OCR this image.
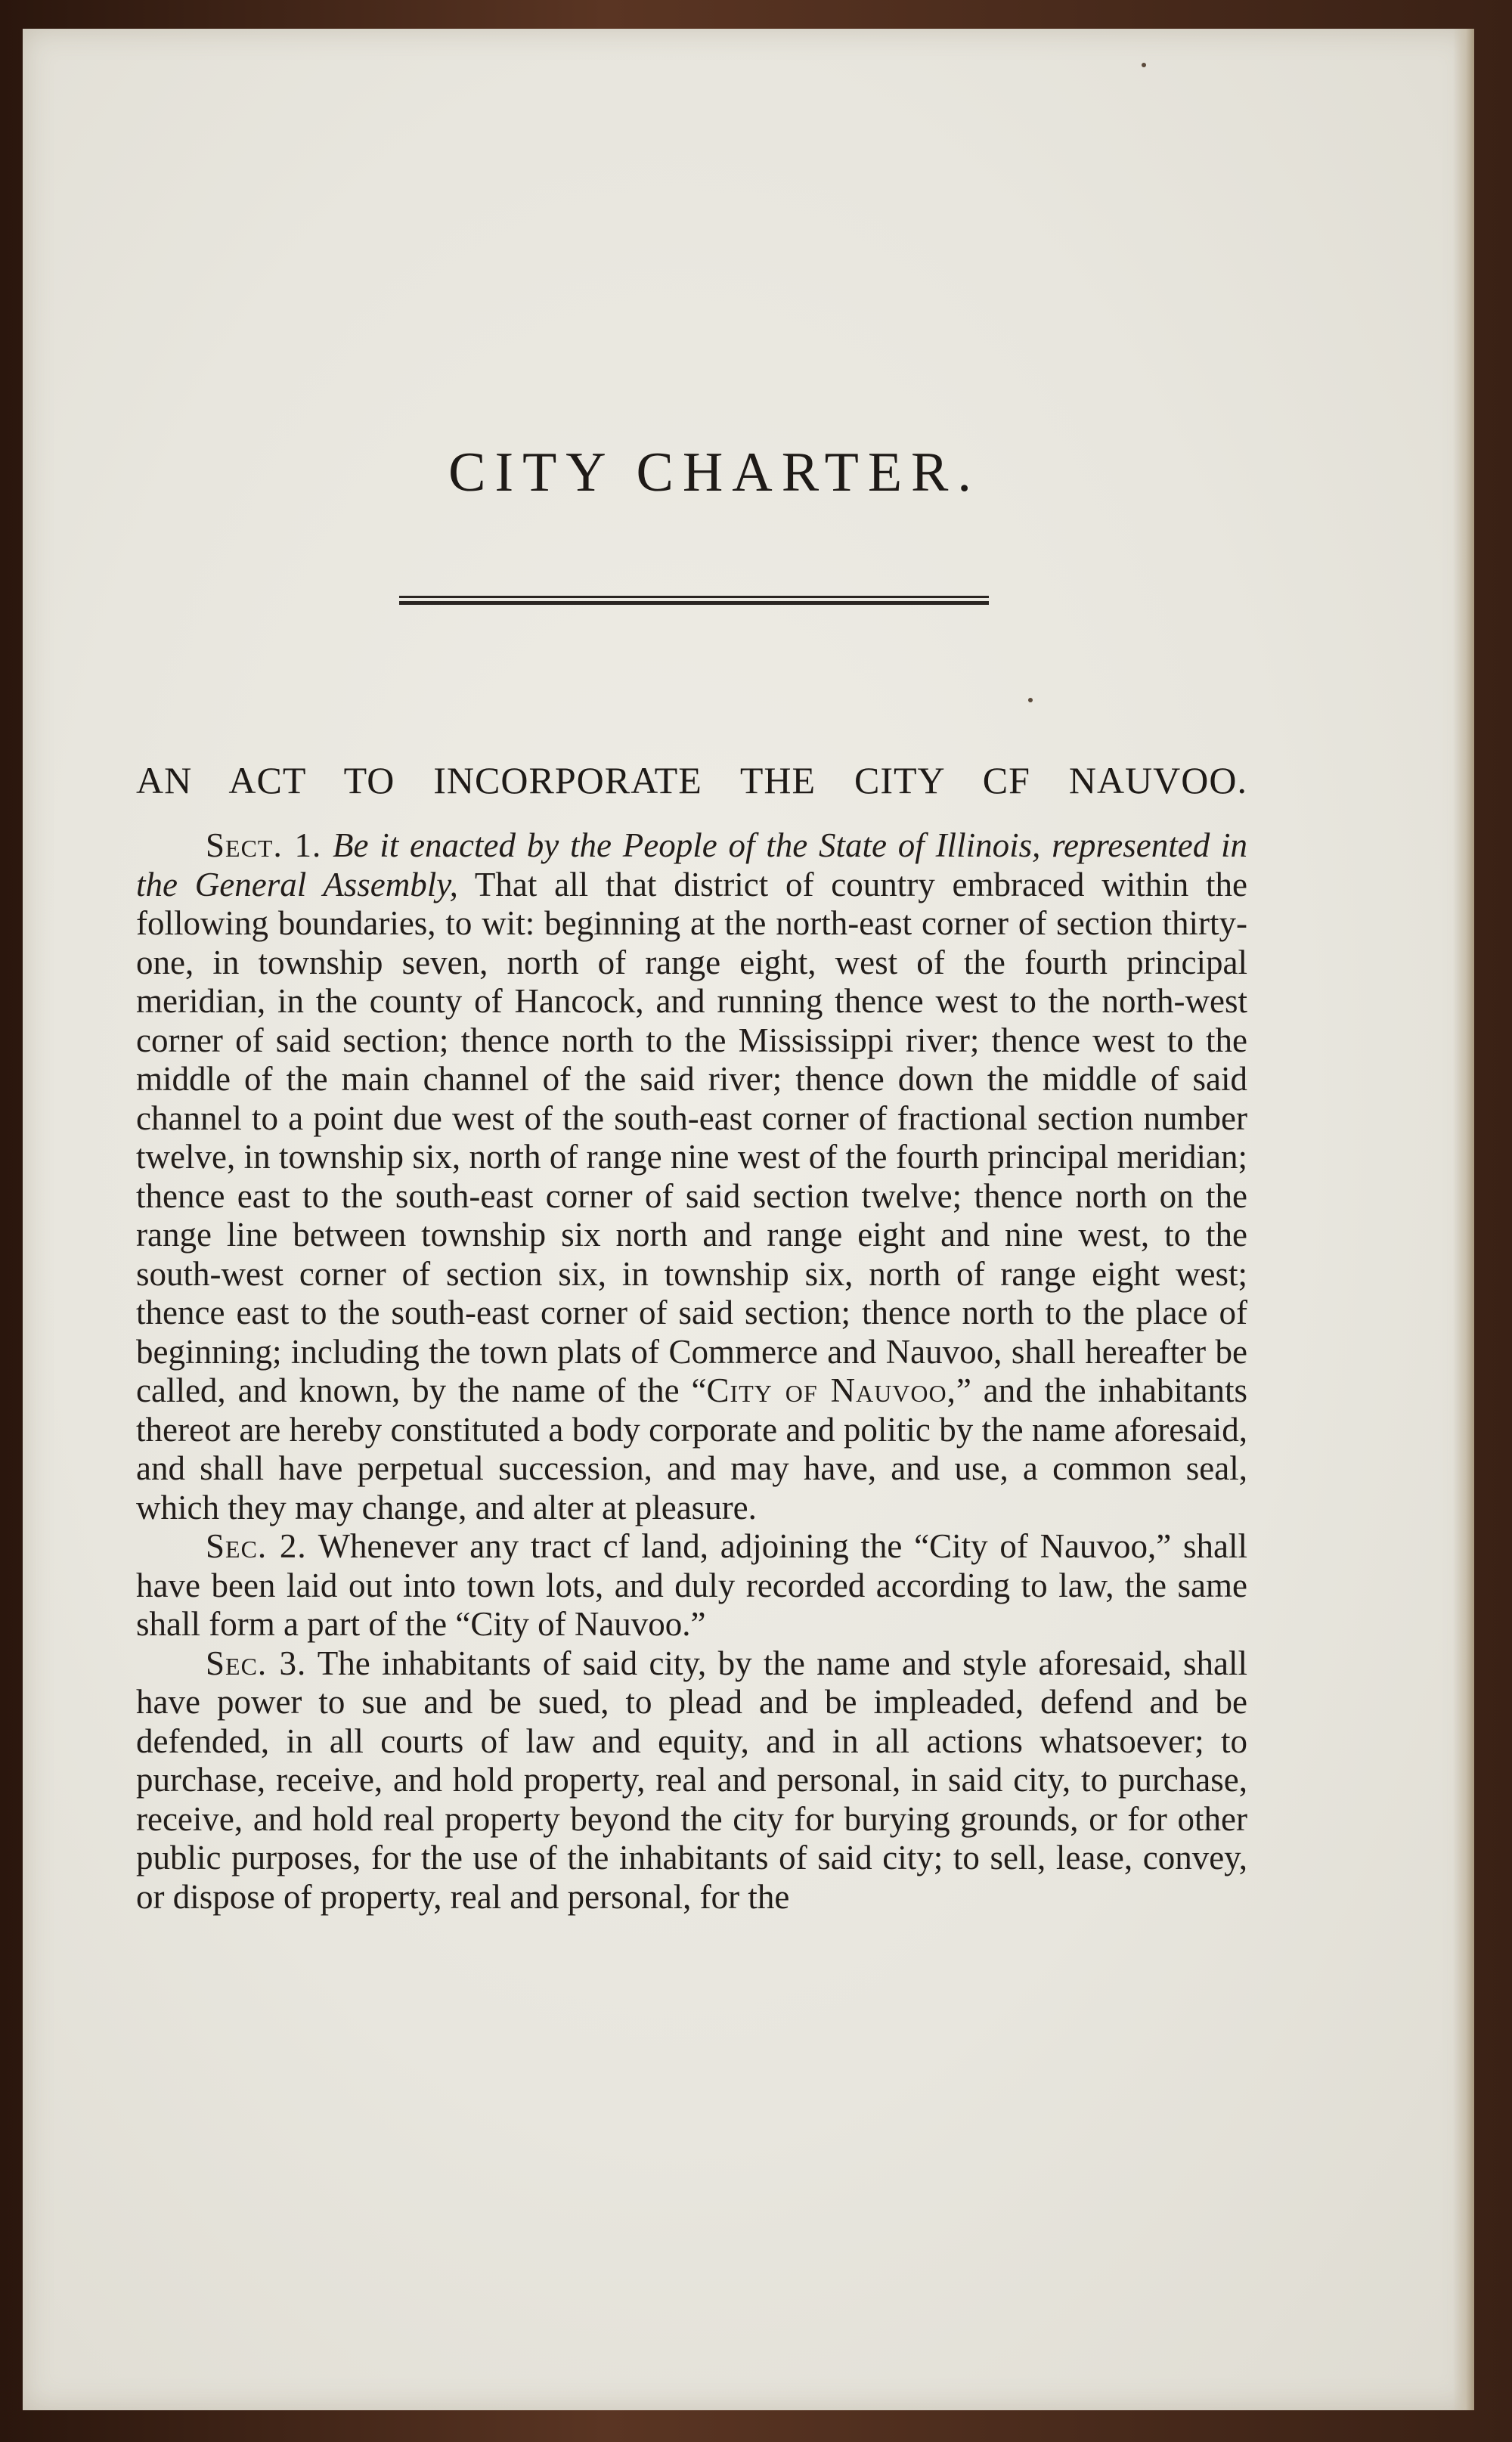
CITY CHARTER.
AN ACT TO INCORPORATE THE CITY CF NAUVOO.

Sect. 1. Be it enacted by the People of the State of Illinois, represented in the General Assembly, That all that district of country embraced within the following boundaries, to wit: beginning at the north-east corner of section thirty-one, in township seven, north of range eight, west of the fourth principal meridian, in the county of Hancock, and running thence west to the north-west corner of said section; thence north to the Mississippi river; thence west to the middle of the main channel of the said river; thence down the middle of said channel to a point due west of the south-east corner of fractional section number twelve, in township six, north of range nine west of the fourth principal meridian; thence east to the south-east corner of said section twelve; thence north on the range line between township six north and range eight and nine west, to the south-west corner of section six, in township six, north of range eight west; thence east to the south-east corner of said section; thence north to the place of beginning; including the town plats of Commerce and Nauvoo, shall hereafter be called, and known, by the name of the “City of Nauvoo,” and the inhabitants thereot are hereby constituted a body corporate and politic by the name aforesaid, and shall have perpetual succession, and may have, and use, a common seal, which they may change, and alter at pleasure.

Sec. 2. Whenever any tract cf land, adjoining the “City of Nauvoo,” shall have been laid out into town lots, and duly recorded according to law, the same shall form a part of the “City of Nauvoo.”

Sec. 3. The inhabitants of said city, by the name and style aforesaid, shall have power to sue and be sued, to plead and be impleaded, defend and be defended, in all courts of law and equity, and in all actions whatsoever; to purchase, receive, and hold property, real and personal, in said city, to purchase, receive, and hold real property beyond the city for burying grounds, or for other public purposes, for the use of the inhabitants of said city; to sell, lease, convey, or dispose of property, real and personal, for the
